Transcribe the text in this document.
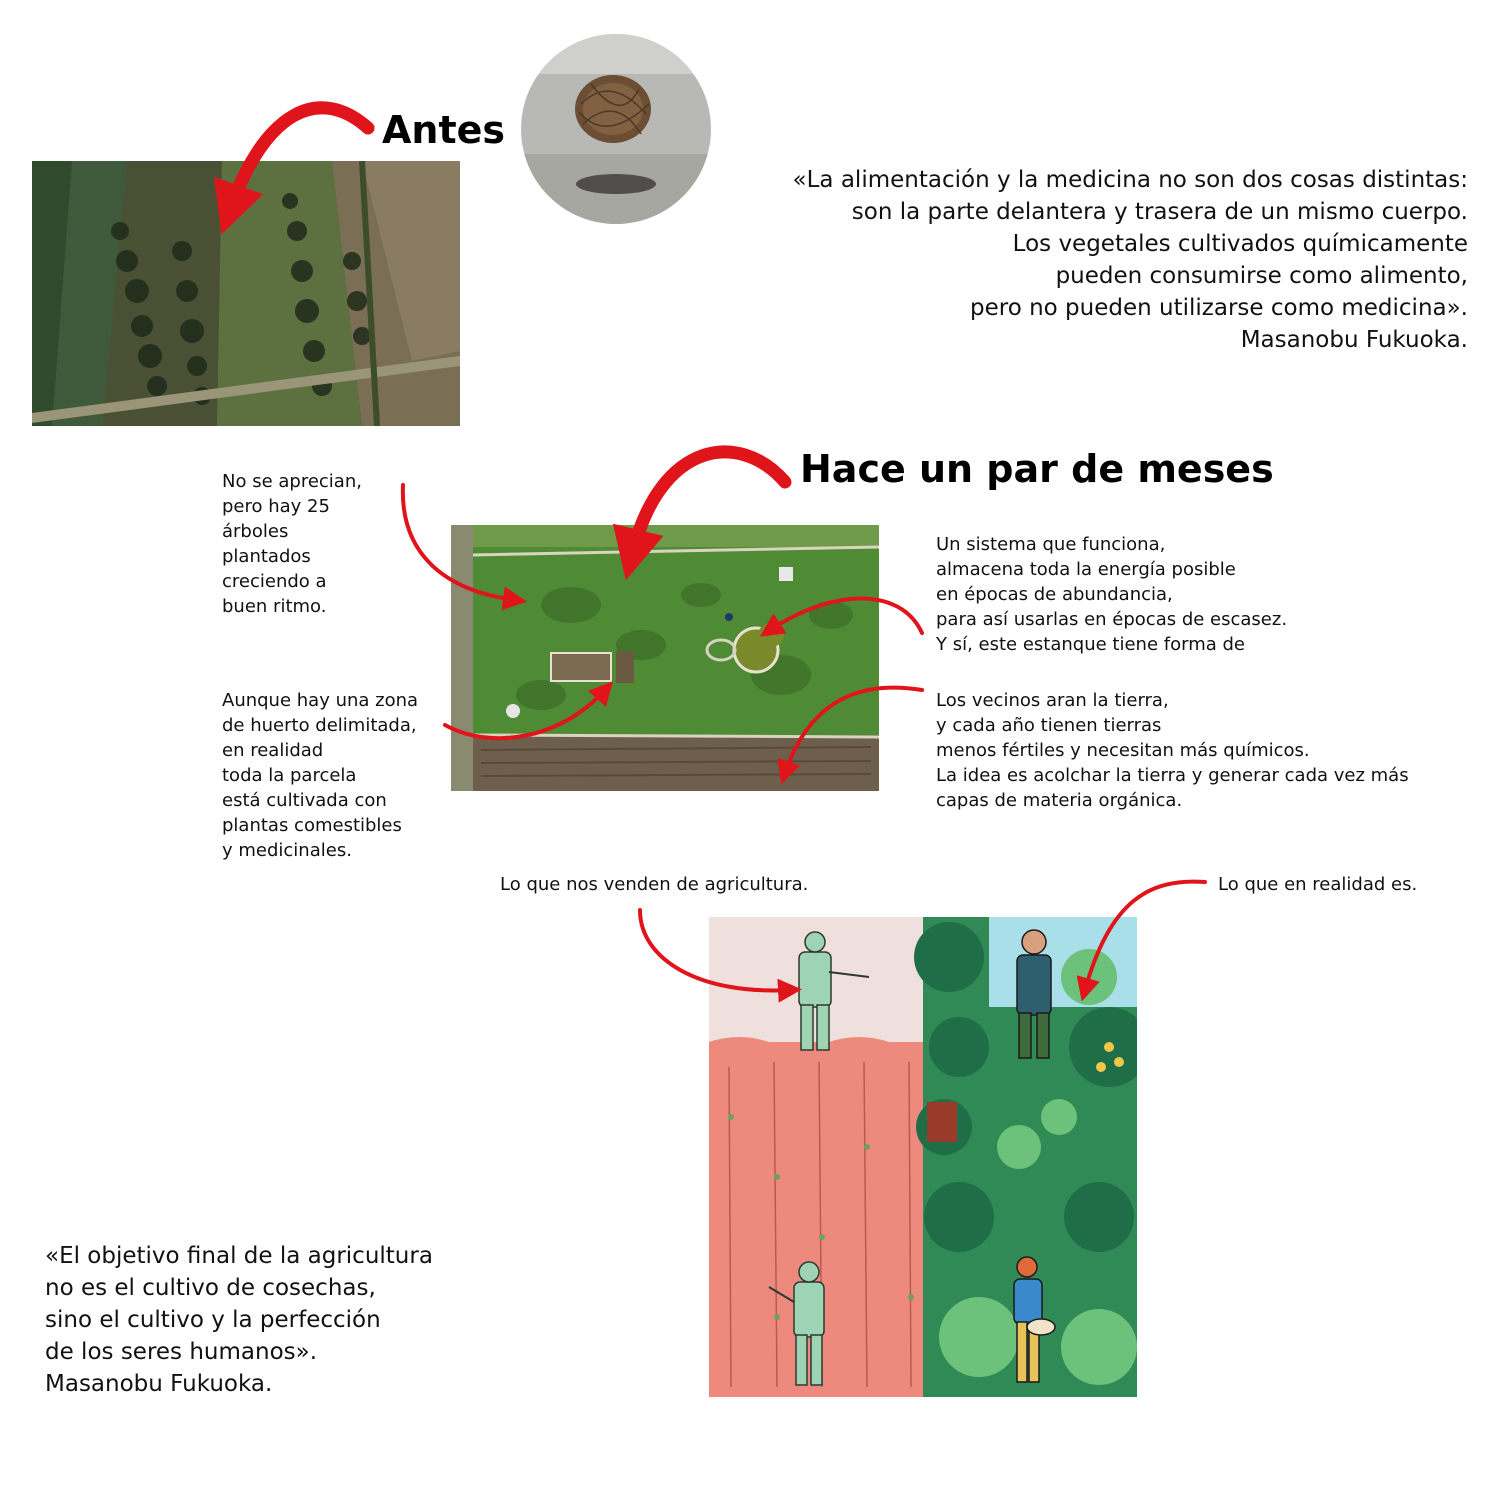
Antes
Hace un par de meses
«La alimentación y la medicina no son dos cosas distintas:
son la parte delantera y trasera de un mismo cuerpo.
Los vegetales cultivados químicamente
pueden consumirse como alimento,
pero no pueden utilizarse como medicina».
Masanobu Fukuoka.
No se aprecian,
pero hay 25
árboles
plantados
creciendo a
buen ritmo.
Aunque hay una zona
de huerto delimitada,
en realidad
toda la parcela
está cultivada con
plantas comestibles
y medicinales.
Un sistema que funciona,
almacena toda la energía posible
en épocas de abundancia,
para así usarlas en épocas de escasez.
Y sí, este estanque tiene forma de
Los vecinos aran la tierra,
y cada año tienen tierras
menos fértiles y necesitan más químicos.
La idea es acolchar la tierra y generar cada vez más
capas de materia orgánica.
Lo que nos venden de agricultura.	Lo que en realidad es.
«El objetivo final de la agricultura
no es el cultivo de cosechas,
sino el cultivo y la perfección
de los seres humanos».
Masanobu Fukuoka.
